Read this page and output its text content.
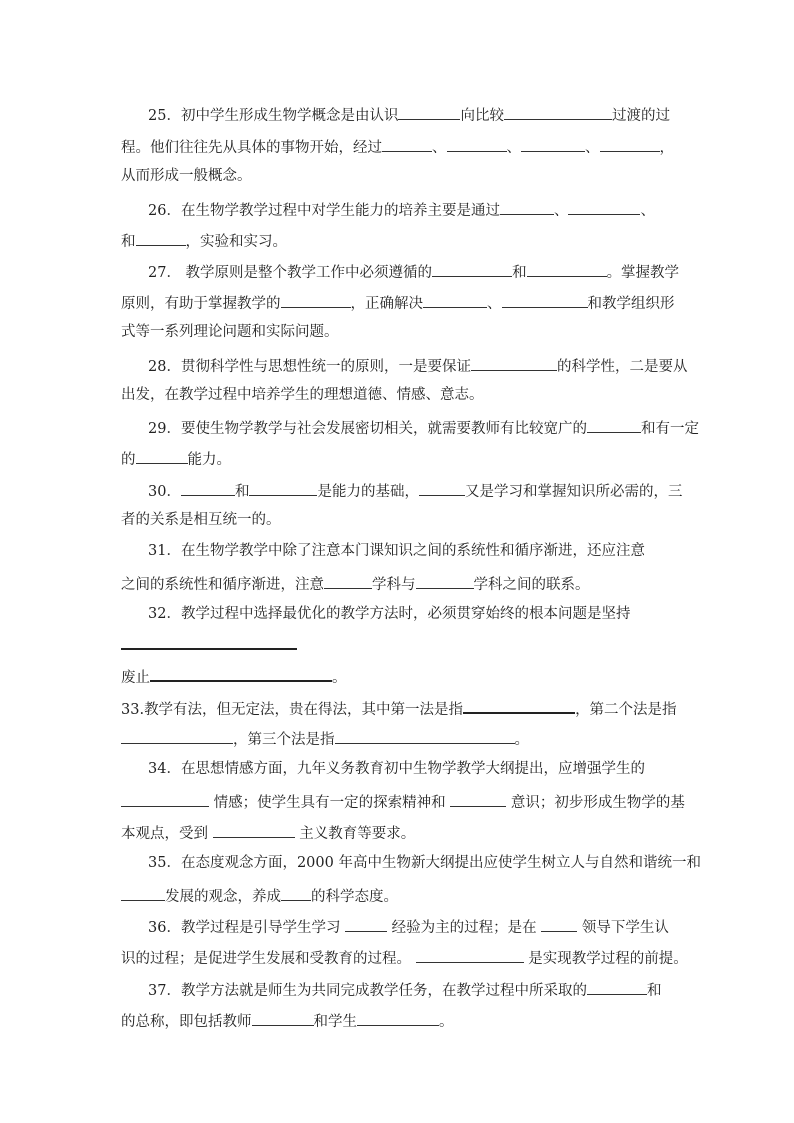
25．初中学生形成生物学概念是由认识	向比较	过渡的过
程。他们往往先从具体的事物开始，经过	、	、	、	，
从而形成一般概念。
26．在生物学教学过程中对学生能力的培养主要是通过	、	、
和	，实验和实习。
27． 教学原则是整个教学工作中必须遵循的	和	。掌握教学
原则，有助于掌握教学的	，正确解决	、	和教学组织形
式等一系列理论问题和实际问题。
28．贯彻科学性与思想性统一的原则，一是要保证	的科学性，二是要从
出发，在教学过程中培养学生的理想道德、情感、意志。
29．要使生物学教学与社会发展密切相关，就需要教师有比较宽广的	和有一定
的	能力。
30．	和	是能力的基础，	又是学习和掌握知识所必需的，三
者的关系是相互统一的。
31．在生物学教学中除了注意本门课知识之间的系统性和循序渐进，还应注意
之间的系统性和循序渐进，注意	学科与	学科之间的联系。
32．教学过程中选择最优化的教学方法时，必须贯穿始终的根本问题是坚持
废止	。
33.教学有法，但无定法，贵在得法，其中第一法是指	，第二个法是指
，第三个法是指	。
34．在思想情感方面，九年义务教育初中生物学教学大纲提出，应增强学生的
情感；使学生具有一定的探索精神和	意识；初步形成生物学的基
本观点，受到	主义教育等要求。
35．在态度观念方面，2000 年高中生物新大纲提出应使学生树立人与自然和谐统一和
发展的观念，养成 的科学态度。
36．教学过程是引导学生学习	经验为主的过程；是在  领导下学生认
识的过程；是促进学生发展和受教育的过程。	是实现教学过程的前提。
37．教学方法就是师生为共同完成教学任务，在教学过程中所采取的	和
的总称，即包括教师	和学生	。
